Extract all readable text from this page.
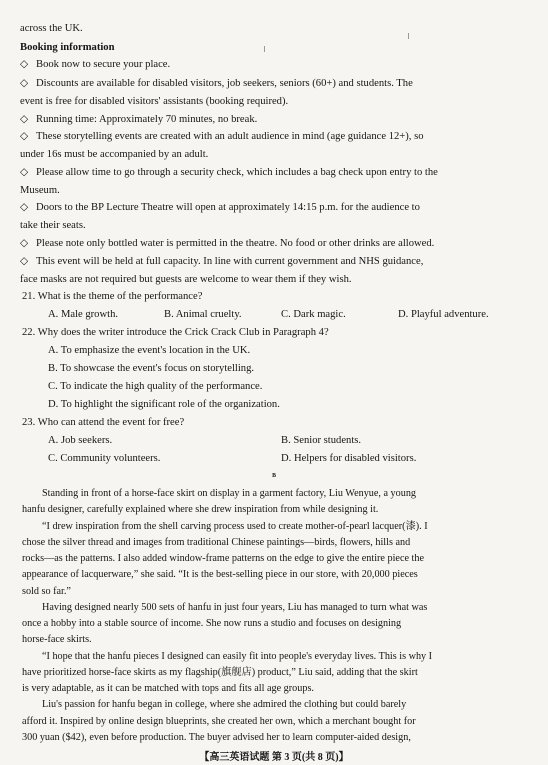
across the UK.
Booking information
◇ Book now to secure your place.
◇ Discounts are available for disabled visitors, job seekers, seniors (60+) and students. The
event is free for disabled visitors' assistants (booking required).
◇ Running time: Approximately 70 minutes, no break.
◇ These storytelling events are created with an adult audience in mind (age guidance 12+), so
under 16s must be accompanied by an adult.
◇ Please allow time to go through a security check, which includes a bag check upon entry to the
Museum.
◇ Doors to the BP Lecture Theatre will open at approximately 14:15 p.m. for the audience to
take their seats.
◇ Please note only bottled water is permitted in the theatre. No food or other drinks are allowed.
◇ This event will be held at full capacity. In line with current government and NHS guidance,
face masks are not required but guests are welcome to wear them if they wish.
21. What is the theme of the performance?
A. Male growth.	B. Animal cruelty.	C. Dark magic.	D. Playful adventure.
22. Why does the writer introduce the Crick Crack Club in Paragraph 4?
A. To emphasize the event's location in the UK.
B. To showcase the event's focus on storytelling.
C. To indicate the high quality of the performance.
D. To highlight the significant role of the organization.
23. Who can attend the event for free?
A. Job seekers.	B. Senior students.
C. Community volunteers.	D. Helpers for disabled visitors.
B
Standing in front of a horse-face skirt on display in a garment factory, Liu Wenyue, a young
hanfu designer, carefully explained where she drew inspiration from while designing it.
“I drew inspiration from the shell carving process used to create mother-of-pearl lacquer(漆). I
chose the silver thread and images from traditional Chinese paintings—birds, flowers, hills and
rocks—as the patterns. I also added window-frame patterns on the edge to give the entire piece the
appearance of lacquerware,” she said. “It is the best-selling piece in our store, with 20,000 pieces
sold so far.”
Having designed nearly 500 sets of hanfu in just four years, Liu has managed to turn what was
once a hobby into a stable source of income. She now runs a studio and focuses on designing
horse-face skirts.
“I hope that the hanfu pieces I designed can easily fit into people's everyday lives. This is why I
have prioritized horse-face skirts as my flagship(旗舰店) product,” Liu said, adding that the skirt
is very adaptable, as it can be matched with tops and fits all age groups.
Liu's passion for hanfu began in college, where she admired the clothing but could barely
afford it. Inspired by online design blueprints, she created her own, which a merchant bought for
300 yuan ($42), even before production. The buyer advised her to learn computer-aided design,
【高三英语试题 第 3 页(共 8 页)】
